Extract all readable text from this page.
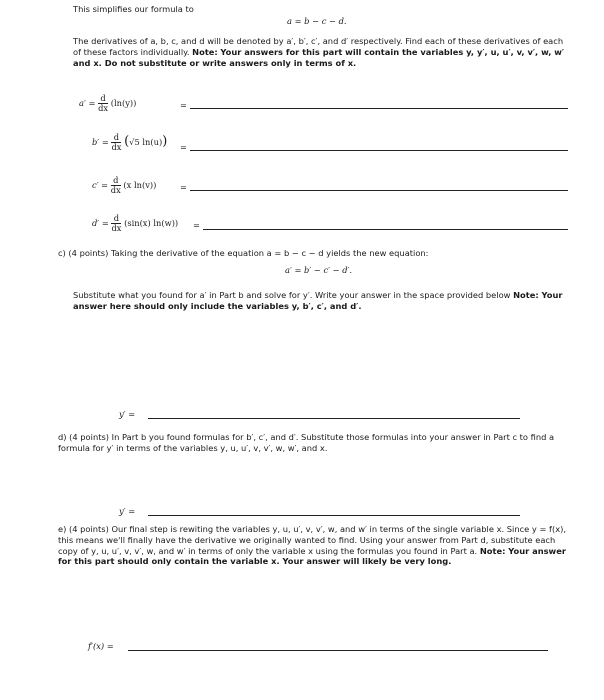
This simplifies our formula to
a = b − c − d.
The derivatives of a, b, c, and d will be denoted by a′, b′, c′, and d′ respectively. Find each of these derivatives of each of these factors individually. Note: Your answers for this part will contain the variables y, y′, u, u′, v, v′, w, w′ and x. Do not substitute or write answers only in terms of x.
$a' = \frac{d}{dx} (\ln(y))$	=
$b' = \frac{d}{dx} (√5$ ln(u)) =
$c' = \frac{d}{dx} (x$ ln(v))	=
$d' = \frac{d}{dx} (\sin(x) \ln(w))$ =
c) (4 points) Taking the derivative of the equation a = b − c − d yields the new equation:
a′ = b′ − c′ − d′.
Substitute what you found for a′ in Part b and solve for y′. Write your answer in the space provided below Note: Your answer here should only include the variables y, b′, c′, and d′.
y′ =
d) (4 points) In Part b you found formulas for b′, c′, and d′. Substitute those formulas into your answer in Part c to find a formula for y′ in terms of the variables y, u, u′, v, v′, w, w′, and x.
y′ =
e) (4 points) Our final step is rewiting the variables y, u, u′, v, v′, w, and w′ in terms of the single variable x. Since y = f(x), this means we'll finally have the derivative we originally wanted to find. Using your answer from Part d, substitute each copy of y, u, u′, v, v′, w, and w′ in terms of only the variable x using the formulas you found in Part a. Note: Your answer for this part should only contain the variable x. Your answer will likely be very long.
f′(x) =
